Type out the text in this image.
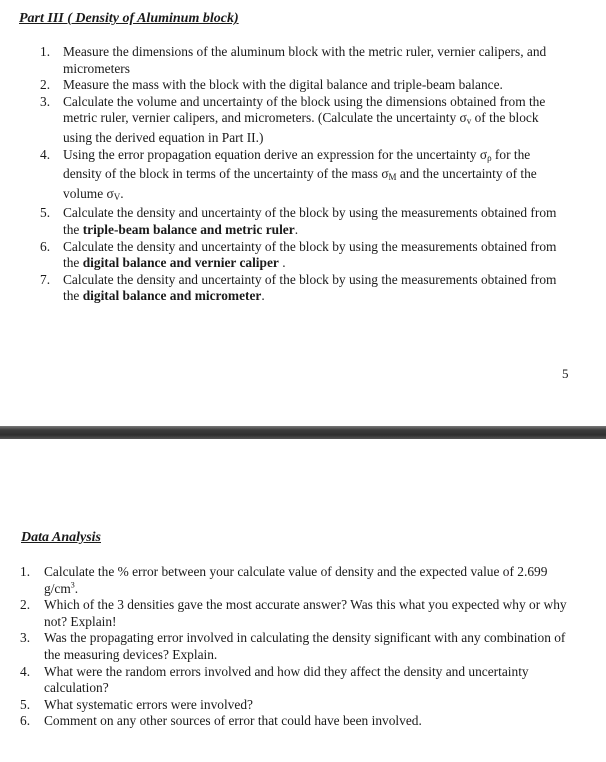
Part III ( Density of Aluminum block)
1. Measure the dimensions of the aluminum block with the metric ruler, vernier calipers, and micrometers
2. Measure the mass with the block with the digital balance and triple-beam balance.
3. Calculate the volume and uncertainty of the block using the dimensions obtained from the metric ruler, vernier calipers, and micrometers. (Calculate the uncertainty $\sigma_v$ of the block using the derived equation in Part II.)
4. Using the error propagation equation derive an expression for the uncertainty $\sigma_\rho$ for the density of the block in terms of the uncertainty of the mass $\sigma_M$ and the uncertainty of the volume $\sigma_V$.
5. Calculate the density and uncertainty of the block by using the measurements obtained from the triple-beam balance and metric ruler.
6. Calculate the density and uncertainty of the block by using the measurements obtained from the digital balance and vernier caliper .
7. Calculate the density and uncertainty of the block by using the measurements obtained from the digital balance and micrometer.
5
Data Analysis
1. Calculate the % error between your calculate value of density and the expected value of 2.699 $g/cm^3$.
2. Which of the 3 densities gave the most accurate answer? Was this what you expected why or why not? Explain!
3. Was the propagating error involved in calculating the density significant with any combination of the measuring devices? Explain.
4. What were the random errors involved and how did they affect the density and uncertainty calculation?
5. What systematic errors were involved?
6. Comment on any other sources of error that could have been involved.
